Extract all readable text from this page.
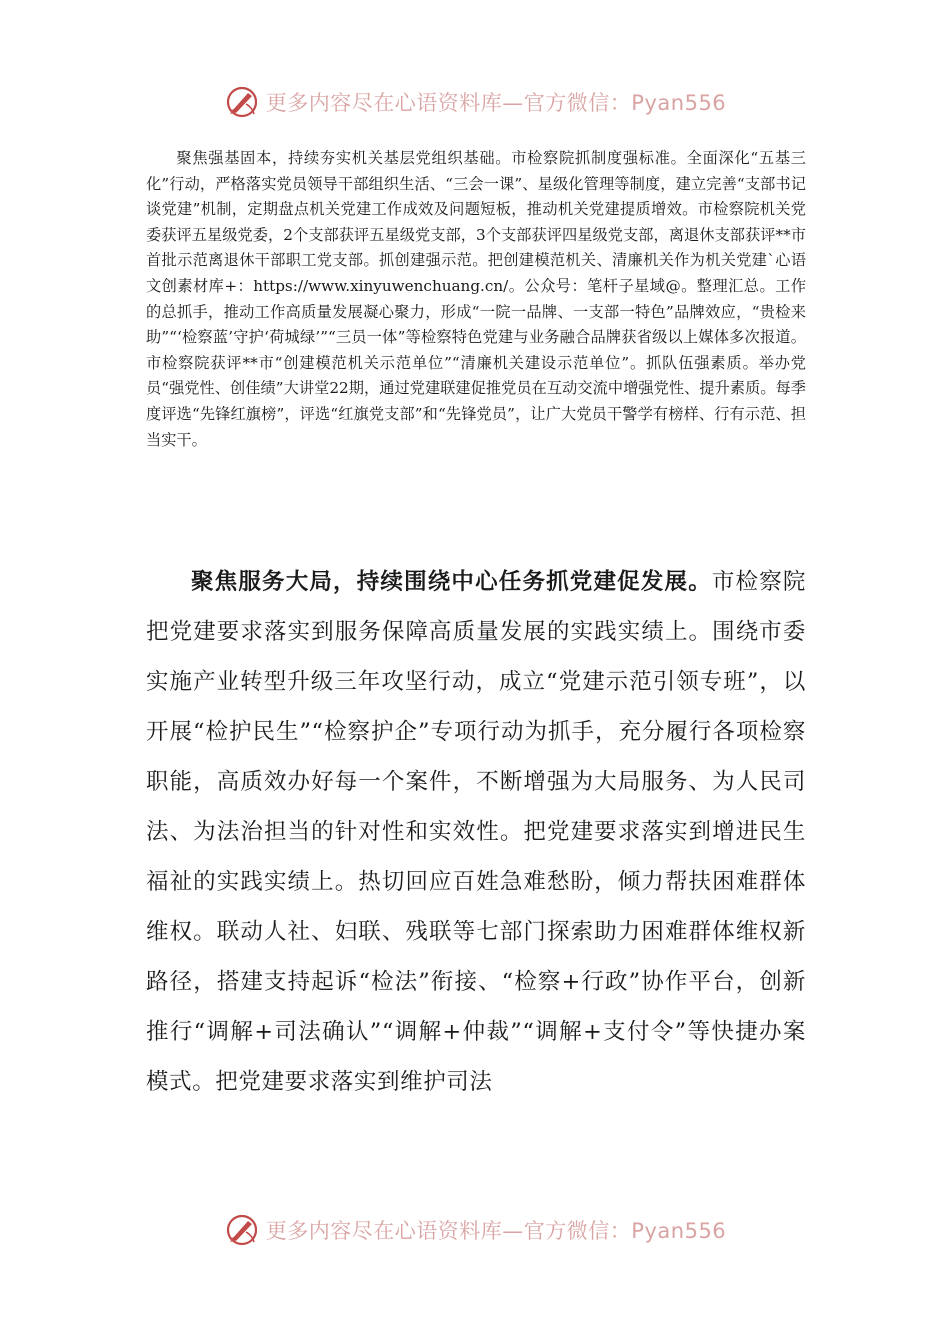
更多内容尽在心语资料库—官方微信：Pyan556

聚焦强基固本，持续夯实机关基层党组织基础。市检察院抓制度强标准。全面深化“五基三化”行动，严格落实党员领导干部组织生活、“三会一课”、星级化管理等制度，建立完善“支部书记谈党建”机制，定期盘点机关党建工作成效及问题短板，推动机关党建提质增效。市检察院机关党委获评五星级党委，2个支部获评五星级党支部，3个支部获评四星级党支部，离退休支部获评**市首批示范离退休干部职工党支部。抓创建强示范。把创建模范机关、清廉机关作为机关党建`心语文创素材库+：https://www.xinyuwenchuang.cn/。公众号：笔杆子星域@。整理汇总。工作的总抓手，推动工作高质量发展凝心聚力，形成“一院一品牌、一支部一特色”品牌效应，“贵检来助”“‘检察蓝’守护‘荷城绿’”“三员一体”等检察特色党建与业务融合品牌获省级以上媒体多次报道。市检察院获评**市“创建模范机关示范单位”“清廉机关建设示范单位”。抓队伍强素质。举办党员“强党性、创佳绩”大讲堂22期，通过党建联建促推党员在互动交流中增强党性、提升素质。每季度评选“先锋红旗榜”，评选“红旗党支部”和“先锋党员”，让广大党员干警学有榜样、行有示范、担当实干。

聚焦服务大局，持续围绕中心任务抓党建促发展。市检察院把党建要求落实到服务保障高质量发展的实践实绩上。围绕市委实施产业转型升级三年攻坚行动，成立“党建示范引领专班”，以开展“检护民生”“检察护企”专项行动为抓手，充分履行各项检察职能，高质效办好每一个案件，不断增强为大局服务、为人民司法、为法治担当的针对性和实效性。把党建要求落实到增进民生福祉的实践实绩上。热切回应百姓急难愁盼，倾力帮扶困难群体维权。联动人社、妇联、残联等七部门探索助力困难群体维权新路径，搭建支持起诉“检法”衔接、“检察+行政”协作平台，创新推行“调解+司法确认”“调解+仲裁”“调解+支付令”等快捷办案模式。把党建要求落实到维护司法

更多内容尽在心语资料库—官方微信：Pyan556
